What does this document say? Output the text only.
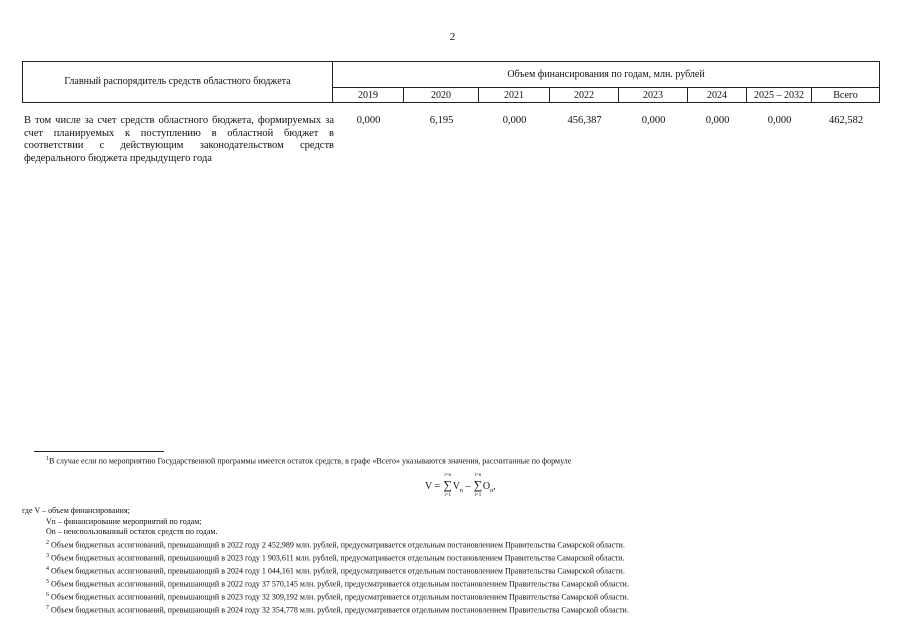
2
Главный распорядитель средств областного бюджета	Объем финансирования по годам, млн. рублей							
	2019	2020	2021	2022	2023	2024	2025 – 2032	Всего
В том числе за счет средств областного бюджета, формируемых за счет планируемых к поступлению в областной бюджет в соответствии с действующим законодательством средств федерального бюджета предыдущего года
0,000	6,195	0,000	456,387	0,000	0,000	0,000	462,582
$^1$В случае если по мероприятию Государственной программы имеется остаток средств, в графе «Всего» указываются значения, рассчитанные по формуле
V = ∑
i=n
i=1
$V_n$ – ∑
i=n
i=1
$O_n$,
где V – объем финансирования;
Vn – финансирование мероприятий по годам;
On – неиспользованный остаток средств по годам.
$^2$ Объем бюджетных ассигнований, превышающий в 2022 году 2 452,989 млн. рублей, предусматривается отдельным постановлением Правительства Самарской области.
$^3$ Объем бюджетных ассигнований, превышающий в 2023 году 1 903,611 млн. рублей, предусматривается отдельным постановлением Правительства Самарской области.
$^4$ Объем бюджетных ассигнований, превышающий в 2024 году 1 044,161 млн. рублей, предусматривается отдельным постановлением Правительства Самарской области.
$^5$ Объем бюджетных ассигнований, превышающий в 2022 году 37 570,145 млн. рублей, предусматривается отдельным постановлением Правительства Самарской области.
$^6$ Объем бюджетных ассигнований, превышающий в 2023 году 32 309,192 млн. рублей, предусматривается отдельным постановлением Правительства Самарской области.
$^7$ Объем бюджетных ассигнований, превышающий в 2024 году 32 354,778 млн. рублей, предусматривается отдельным постановлением Правительства Самарской области.
